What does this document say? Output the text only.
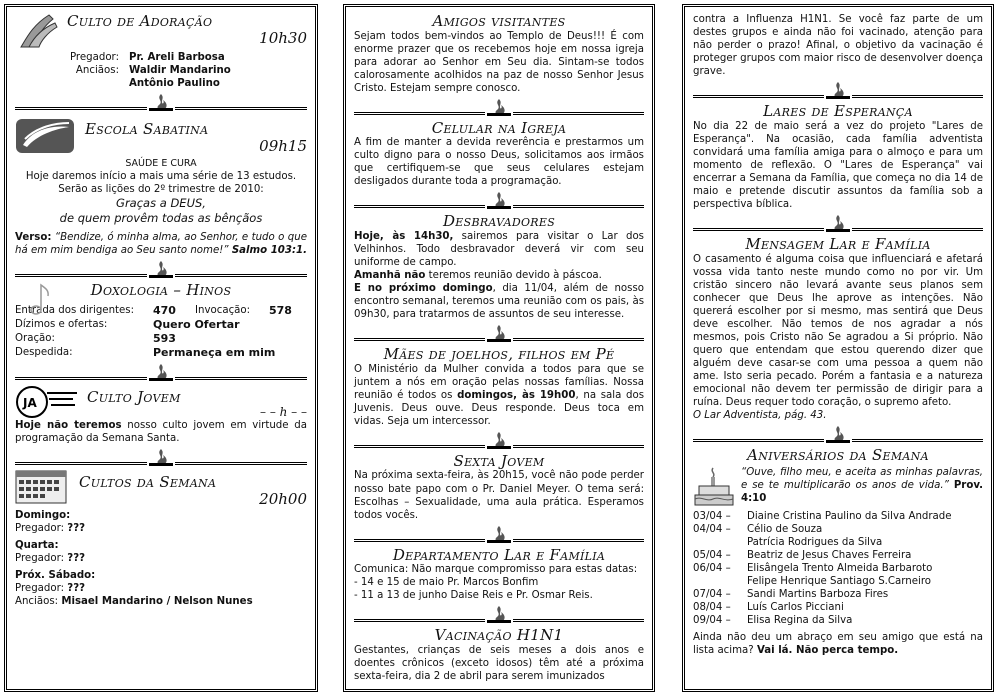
Culto de Adoração
10h30
Pregador: Pr. Areli Barbosa
Anciãos: Waldir Mandarino
Antônio Paulino
Escola Sabatina
09h15
SAÚDE E CURA
Hoje daremos início a mais uma série de 13 estudos.
Serão as lições do 2º trimestre de 2010:
Graças a DEUS,
de quem provêm todas as bênçãos
Verso: “Bendize, ó minha alma, ao Senhor, e tudo o que há em mim bendiga ao Seu santo nome!” Salmo 103:1.
Doxologia – Hinos
Entrada dos dirigentes:	470	Invocação:	578
Dízimos e ofertas:	Quero Ofertar
Oração:	593
Despedida:	Permaneça em mim
JA	Culto Jovem
– – h – –
Hoje não teremos nosso culto jovem em virtude da programação da Semana Santa.
Cultos da Semana
20h00
Domingo:
Pregador: ???
Quarta:
Pregador: ???
Próx. Sábado:
Pregador: ???
Anciãos: Misael Mandarino / Nelson Nunes
Amigos visitantes
Sejam todos bem-vindos ao Templo de Deus!!! É com enorme prazer que os recebemos hoje em nossa igreja para adorar ao Senhor em Seu dia. Sintam-se todos calorosamente acolhidos na paz de nosso Senhor Jesus Cristo. Estejam sempre conosco.
Celular na Igreja
A fim de manter a devida reverência e prestarmos um culto digno para o nosso Deus, solicitamos aos irmãos que certifiquem-se que seus celulares estejam desligados durante toda a programação.
Desbravadores
Hoje, às 14h30, sairemos para visitar o Lar dos Velhinhos. Todo desbravador deverá vir com seu uniforme de campo.
Amanhã não teremos reunião devido à páscoa.
E no próximo domingo, dia 11/04, além de nosso encontro semanal, teremos uma reunião com os pais, às 09h30, para tratarmos de assuntos de seu interesse.
Mães de joelhos, filhos em Pé
O Ministério da Mulher convida a todos para que se juntem a nós em oração pelas nossas famílias. Nossa reunião é todos os domingos, às 19h00, na sala dos Juvenis. Deus ouve. Deus responde. Deus toca em vidas. Seja um intercessor.
Sexta Jovem
Na próxima sexta-feira, às 20h15, você não pode perder nosso bate papo com o Pr. Daniel Meyer. O tema será: Escolhas – Sexualidade, uma aula prática. Esperamos todos vocês.
Departamento Lar e Família
Comunica: Não marque compromisso para estas datas:
- 14 e 15 de maio Pr. Marcos Bonfim
- 11 a 13 de junho Daise Reis e Pr. Osmar Reis.
Vacinação H1N1
Gestantes, crianças de seis meses a dois anos e doentes crônicos (exceto idosos) têm até a próxima sexta-feira, dia 2 de abril para serem imunizados
contra a Influenza H1N1. Se você faz parte de um destes grupos e ainda não foi vacinado, atenção para não perder o prazo! Afinal, o objetivo da vacinação é proteger grupos com maior risco de desenvolver doença grave.
Lares de Esperança
No dia 22 de maio será a vez do projeto "Lares de Esperança". Na ocasião, cada família adventista convidará uma família amiga para o almoço e para um momento de reflexão. O "Lares de Esperança" vai encerrar a Semana da Família, que começa no dia 14 de maio e pretende discutir assuntos da família sob a perspectiva bíblica.
Mensagem Lar e Família
O casamento é alguma coisa que influenciará e afetará vossa vida tanto neste mundo como no por vir. Um cristão sincero não levará avante seus planos sem conhecer que Deus lhe aprove as intenções. Não quererá escolher por si mesmo, mas sentirá que Deus deve escolher. Não temos de nos agradar a nós mesmos, pois Cristo não Se agradou a Si próprio. Não quero que entendam que estou querendo dizer que alguém deve casar-se com uma pessoa a quem não ame. Isto seria pecado. Porém a fantasia e a natureza emocional não devem ter permissão de dirigir para a ruína. Deus requer todo coração, o supremo afeto.
O Lar Adventista, pág. 43.
Aniversários da Semana
“Ouve, filho meu, e aceita as minhas palavras, e se te multiplicarão os anos de vida.” Prov. 4:10
03/04 –	Diaine Cristina Paulino da Silva Andrade
04/04 –	Célio de Souza
Patrícia Rodrigues da Silva
05/04 –	Beatriz de Jesus Chaves Ferreira
06/04 –	Elisângela Trento Almeida Barbaroto
Felipe Henrique Santiago S.Carneiro
07/04 –	Sandi Martins Barboza Fires
08/04 –	Luís Carlos Picciani
09/04 –	Elisa Regina da Silva
Ainda não deu um abraço em seu amigo que está na lista acima? Vai lá. Não perca tempo.
